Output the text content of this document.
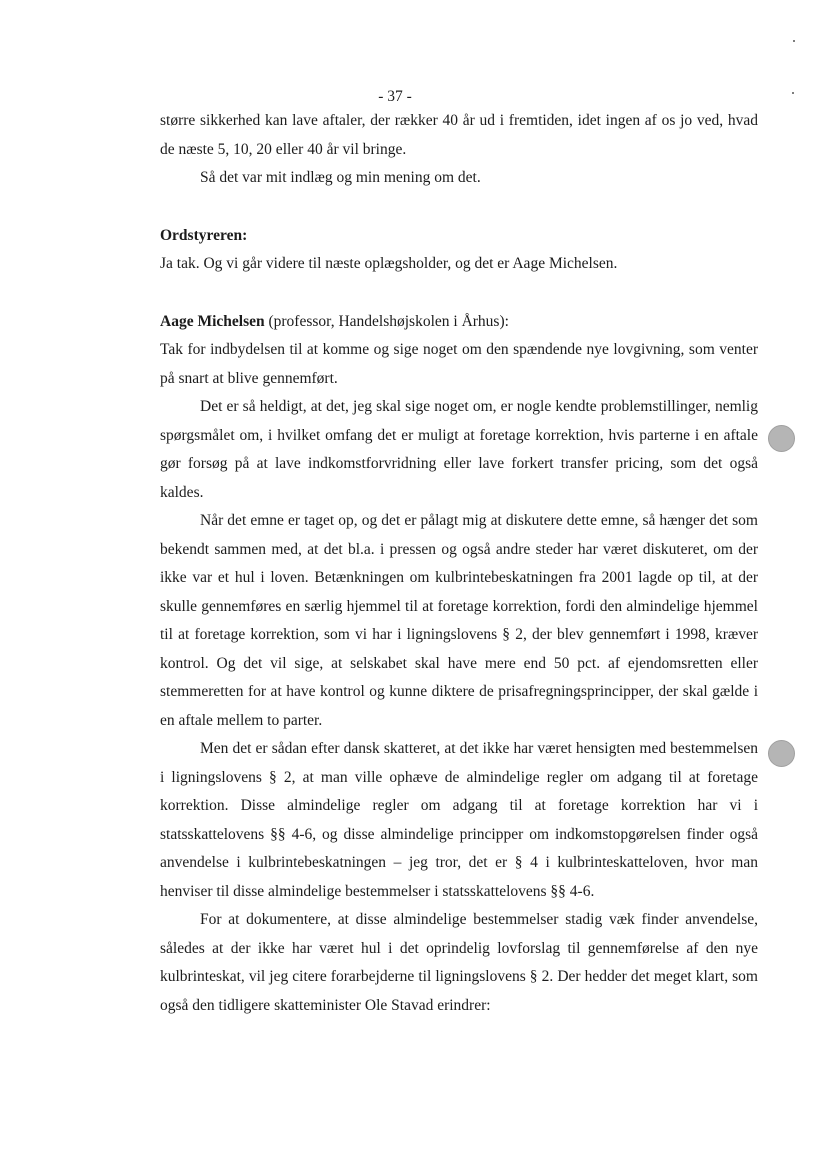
- 37 -

større sikkerhed kan lave aftaler, der rækker 40 år ud i fremtiden, idet ingen af os jo ved, hvad de næste 5, 10, 20 eller 40 år vil bringe.

Så det var mit indlæg og min mening om det.

Ordstyreren:

Ja tak. Og vi går videre til næste oplægsholder, og det er Aage Michelsen.

Aage Michelsen (professor, Handelshøjskolen i Århus):

Tak for indbydelsen til at komme og sige noget om den spændende nye lovgivning, som venter på snart at blive gennemført.

Det er så heldigt, at det, jeg skal sige noget om, er nogle kendte problemstillinger, nemlig spørgsmålet om, i hvilket omfang det er muligt at foretage korrektion, hvis parterne i en aftale gør forsøg på at lave indkomstforvridning eller lave forkert transfer pricing, som det også kaldes.

Når det emne er taget op, og det er pålagt mig at diskutere dette emne, så hænger det som bekendt sammen med, at det bl.a. i pressen og også andre steder har været diskuteret, om der ikke var et hul i loven. Betænkningen om kulbrintebeskatningen fra 2001 lagde op til, at der skulle gennemføres en særlig hjemmel til at foretage korrektion, fordi den almindelige hjemmel til at foretage korrektion, som vi har i ligningslovens § 2, der blev gennemført i 1998, kræver kontrol. Og det vil sige, at selskabet skal have mere end 50 pct. af ejendomsretten eller stemmeretten for at have kontrol og kunne diktere de prisafregningsprincipper, der skal gælde i en aftale mellem to parter.

Men det er sådan efter dansk skatteret, at det ikke har været hensigten med bestemmelsen i ligningslovens § 2, at man ville ophæve de almindelige regler om adgang til at foretage korrektion. Disse almindelige regler om adgang til at foretage korrektion har vi i statsskattelovens §§ 4-6, og disse almindelige principper om indkomstopgørelsen finder også anvendelse i kulbrintebeskatningen – jeg tror, det er § 4 i kulbrinteskatteloven, hvor man henviser til disse almindelige bestemmelser i statsskattelovens §§ 4-6.

For at dokumentere, at disse almindelige bestemmelser stadig væk finder anvendelse, således at der ikke har været hul i det oprindelig lovforslag til gennemførelse af den nye kulbrinteskat, vil jeg citere forarbejderne til ligningslovens § 2. Der hedder det meget klart, som også den tidligere skatteminister Ole Stavad erindrer:
